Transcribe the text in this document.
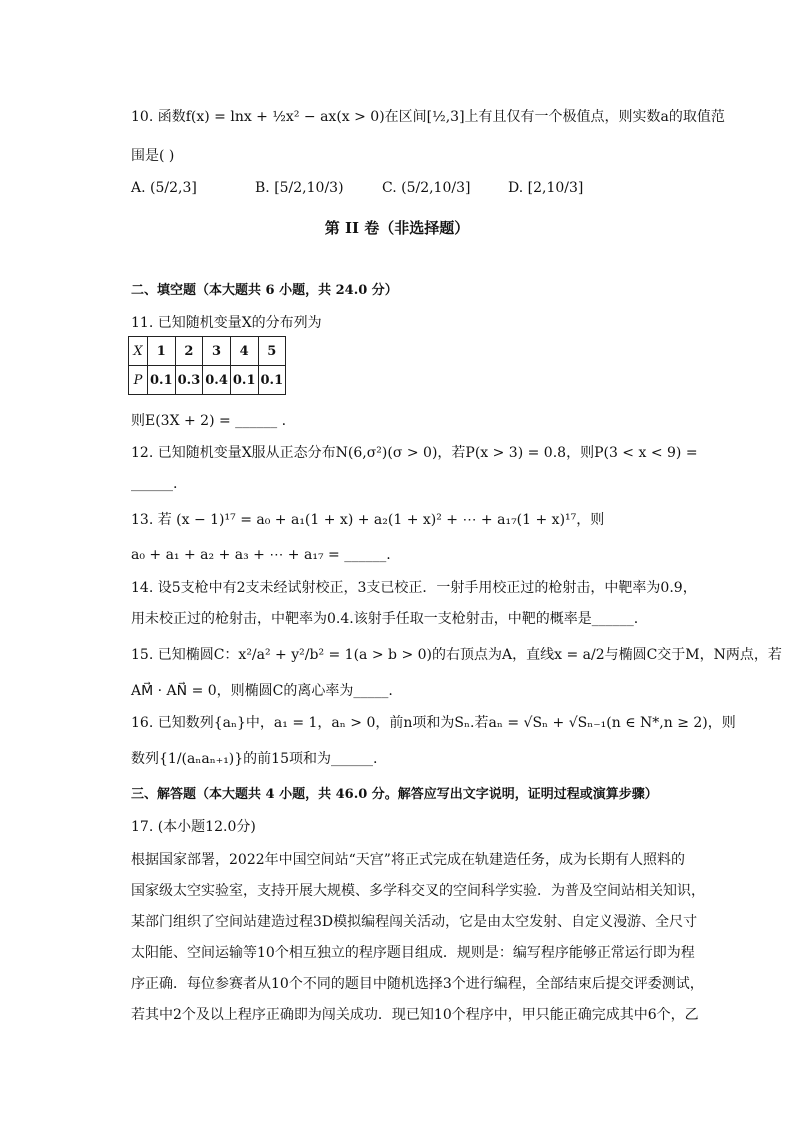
10. 函数f(x) = lnx + ½x² − ax(x > 0)在区间[½,3]上有且仅有一个极值点，则实数a的取值范
围是( )
A. (5/2,3]	B. [5/2,10/3)	C. (5/2,10/3]	D. [2,10/3]
第 II 卷（非选择题）
二、填空题（本大题共 6 小题，共 24.0 分）
11. 已知随机变量X的分布列为
X	1	2	3	4	5
P	0.1	0.3	0.4	0.1	0.1
则E(3X + 2) = ______ .
12. 已知随机变量X服从正态分布N(6,σ²)(σ > 0)，若P(x > 3) = 0.8，则P(3 < x < 9) =
______.
13. 若 (x − 1)¹⁷ = a₀ + a₁(1 + x) + a₂(1 + x)² + ⋯ + a₁₇(1 + x)¹⁷，则
a₀ + a₁ + a₂ + a₃ + ⋯ + a₁₇ = ______.
14. 设5支枪中有2支未经试射校正，3支已校正．一射手用校正过的枪射击，中靶率为0.9，
用未校正过的枪射击，中靶率为0.4.该射手任取一支枪射击，中靶的概率是______.
15. 已知椭圆C：x²/a² + y²/b² = 1(a > b > 0)的右顶点为A，直线x = a/2与椭圆C交于M，N两点，若
AM⃗ · AN⃗ = 0，则椭圆C的离心率为_____.
16. 已知数列{aₙ}中，a₁ = 1，aₙ > 0，前n项和为Sₙ.若aₙ = √Sₙ + √Sₙ₋₁(n ∈ N*,n ≥ 2)，则
数列{1/(aₙaₙ₊₁)}的前15项和为______.
三、解答题（本大题共 4 小题，共 46.0 分。解答应写出文字说明，证明过程或演算步骤）
17. (本小题12.0分)
根据国家部署，2022年中国空间站“天宫”将正式完成在轨建造任务，成为长期有人照料的
国家级太空实验室，支持开展大规模、多学科交叉的空间科学实验．为普及空间站相关知识，
某部门组织了空间站建造过程3D模拟编程闯关活动，它是由太空发射、自定义漫游、全尺寸
太阳能、空间运输等10个相互独立的程序题目组成．规则是：编写程序能够正常运行即为程
序正确．每位参赛者从10个不同的题目中随机选择3个进行编程，全部结束后提交评委测试，
若其中2个及以上程序正确即为闯关成功．现已知10个程序中，甲只能正确完成其中6个，乙
